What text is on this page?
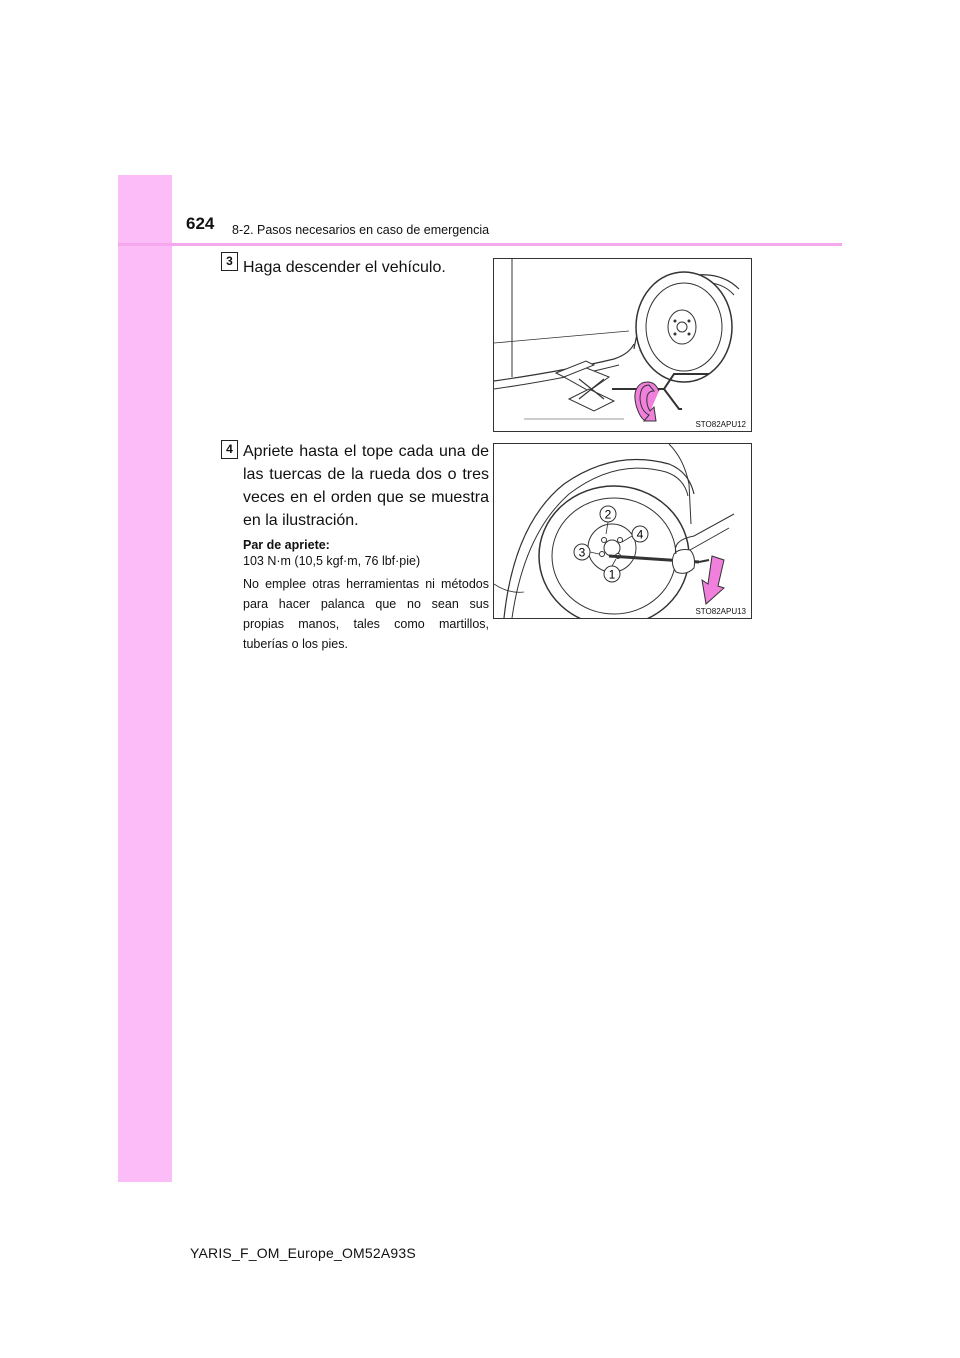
624 8-2. Pasos necesarios en caso de emergencia
3 Haga descender el vehículo.
STO82APU12
4 Apriete hasta el tope cada una de las tuercas de la rueda dos o tres veces en el orden que se muestra en la ilustración.
Par de apriete:
103 N·m (10,5 kgf·m, 76 lbf·pie)
No emplee otras herramientas ni métodos para hacer palanca que no sean sus propias manos, tales como martillos, tuberías o los pies.
2
4
3
1
STO82APU13
YARIS_F_OM_Europe_OM52A93S
